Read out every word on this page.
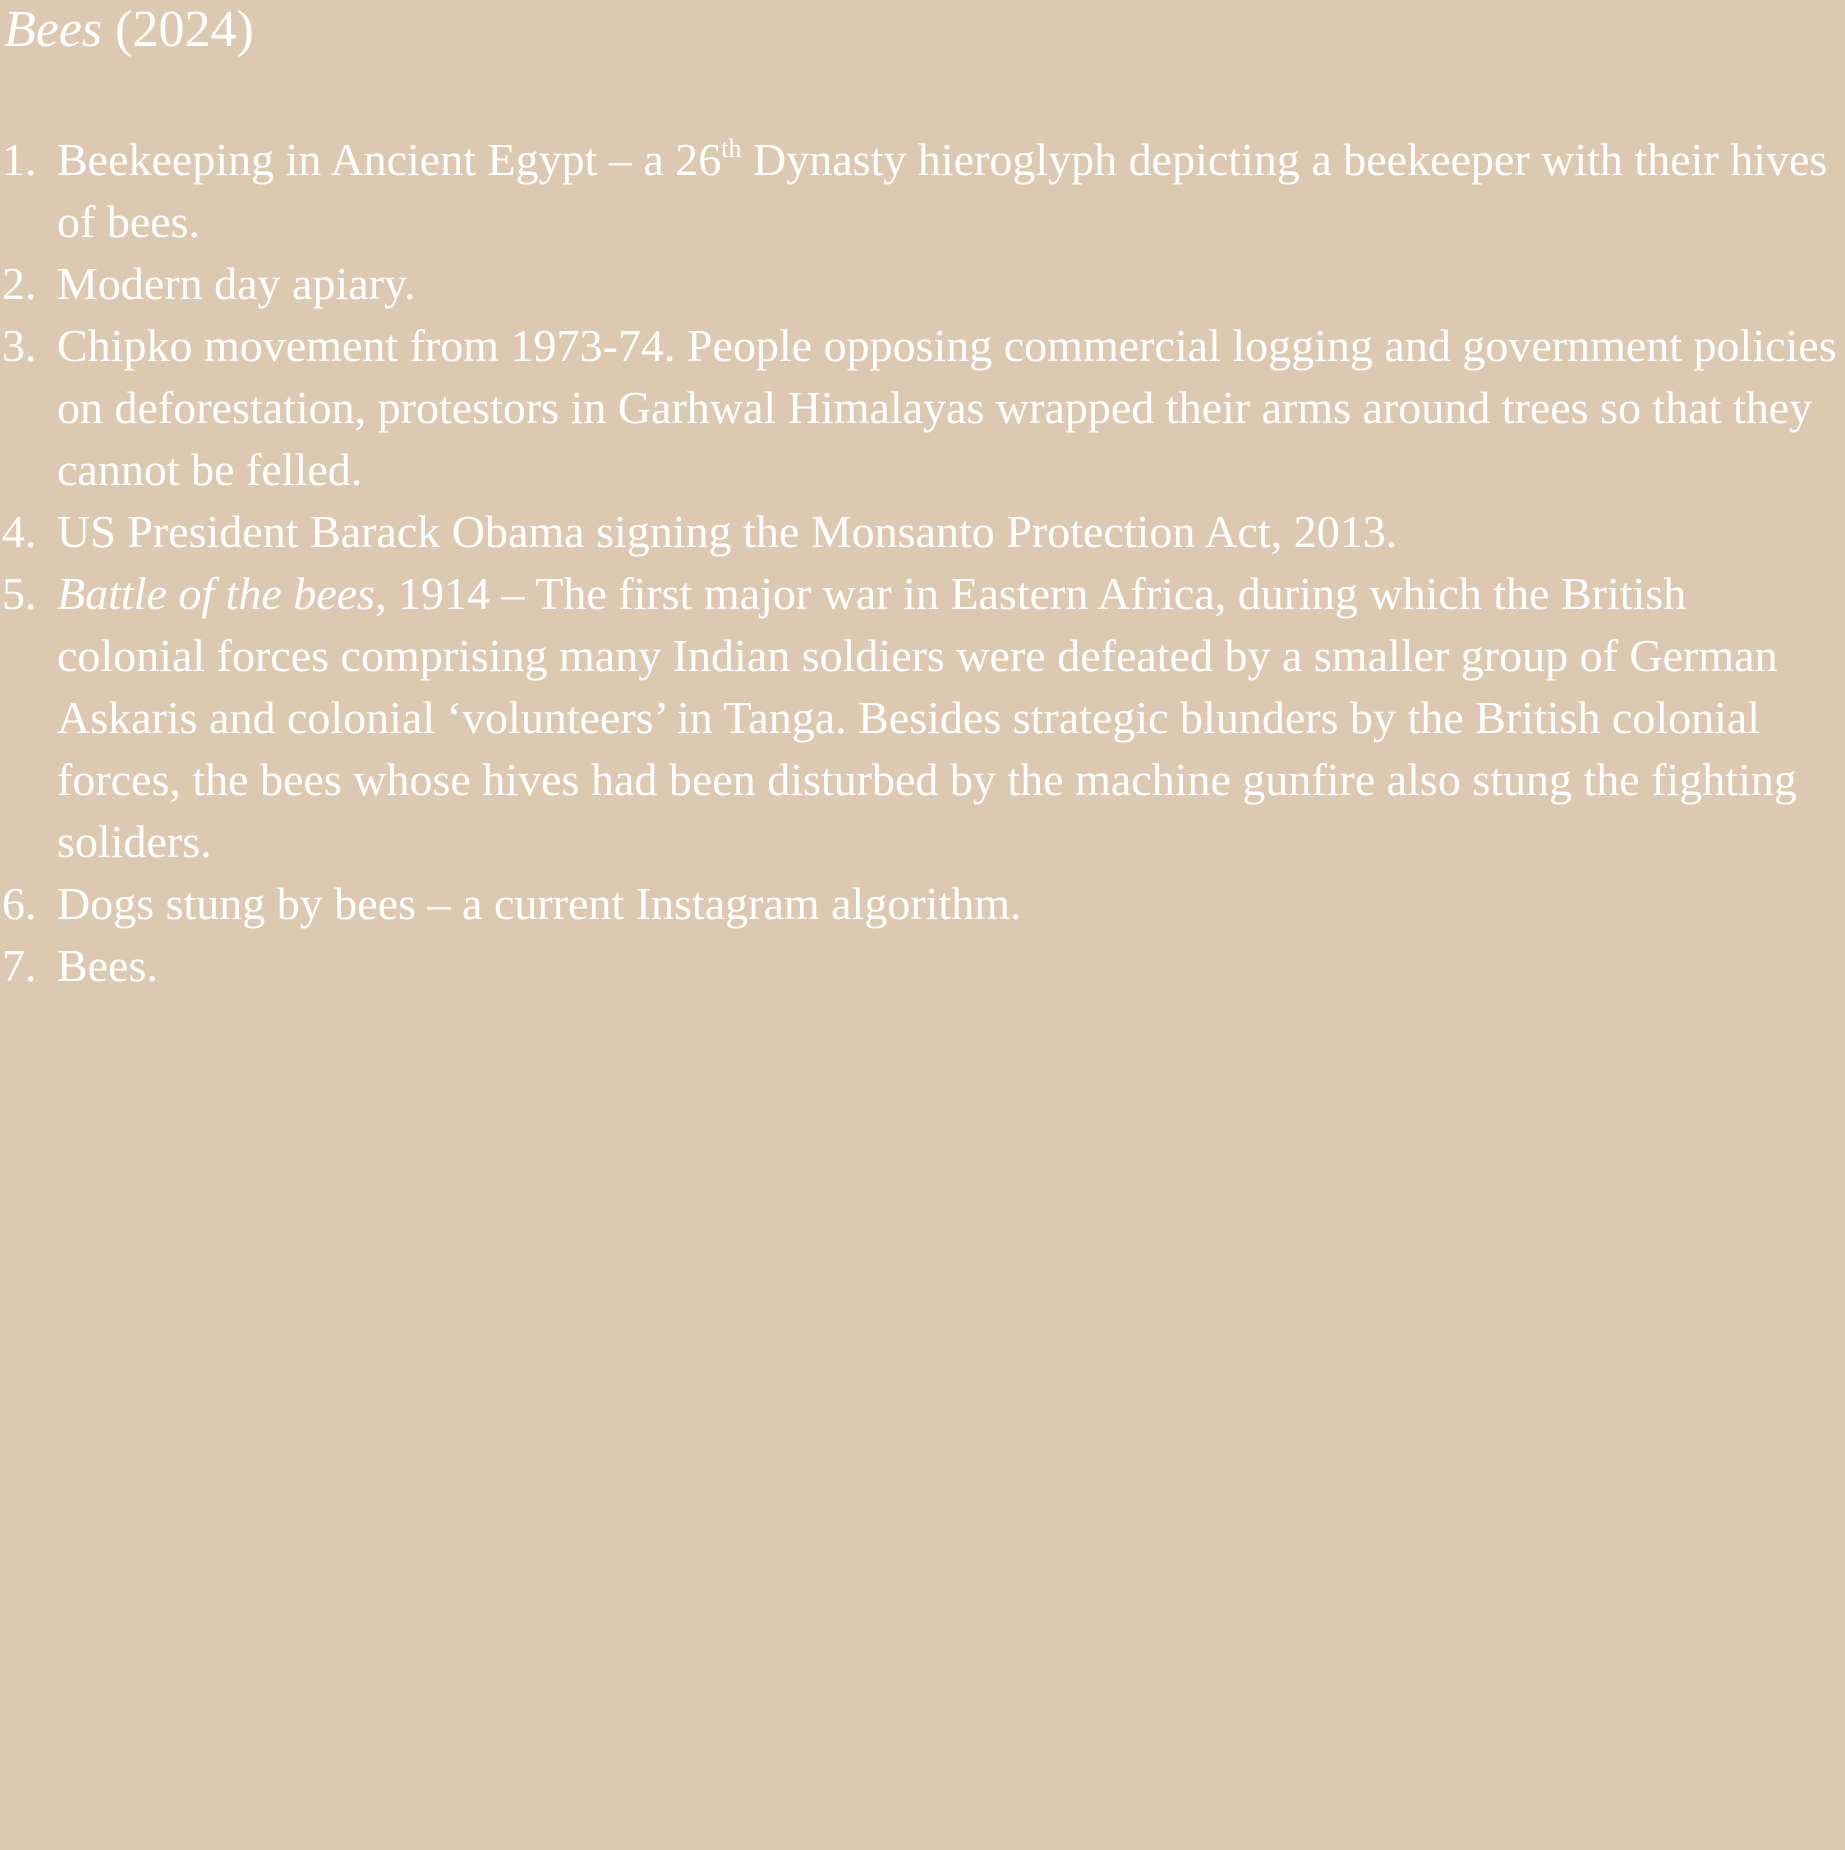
Bees (2024)
1. Beekeeping in Ancient Egypt – a 26th Dynasty hieroglyph depicting a beekeeper with their hives of bees.
2. Modern day apiary.
3. Chipko movement from 1973-74. People opposing commercial logging and government policies on deforestation, protestors in Garhwal Himalayas wrapped their arms around trees so that they cannot be felled.
4. US President Barack Obama signing the Monsanto Protection Act, 2013.
5. Battle of the bees, 1914 – The first major war in Eastern Africa, during which the British colonial forces comprising many Indian soldiers were defeated by a smaller group of German Askaris and colonial ‘volunteers’ in Tanga. Besides strategic blunders by the British colonial forces, the bees whose hives had been disturbed by the machine gunfire also stung the fighting soliders.
6. Dogs stung by bees – a current Instagram algorithm.
7. Bees.
